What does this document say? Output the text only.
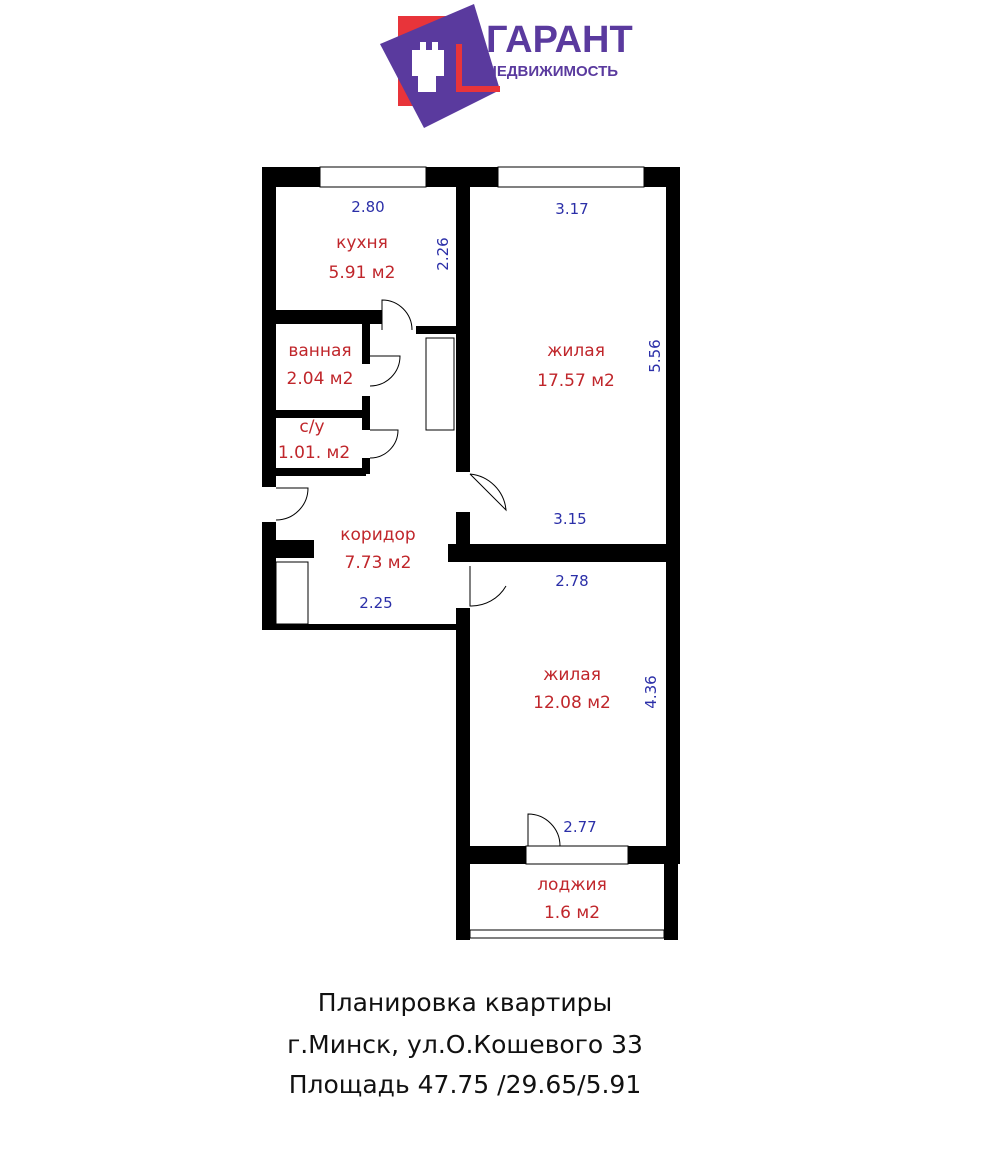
ГАРАНТ
НЕДВИЖИМОСТЬ
кухня
5.91 м2
ванная
2.04 м2
с/у
1.01. м2
коридор
7.73 м2
жилая
17.57 м2
жилая
12.08 м2
лоджия
1.6 м2
2.80
2.26
3.17
5.56
3.15
2.78
4.36
2.77
2.25
Планировка квартиры
г.Минск, ул.О.Кошевого 33
Площадь 47.75 /29.65/5.91
